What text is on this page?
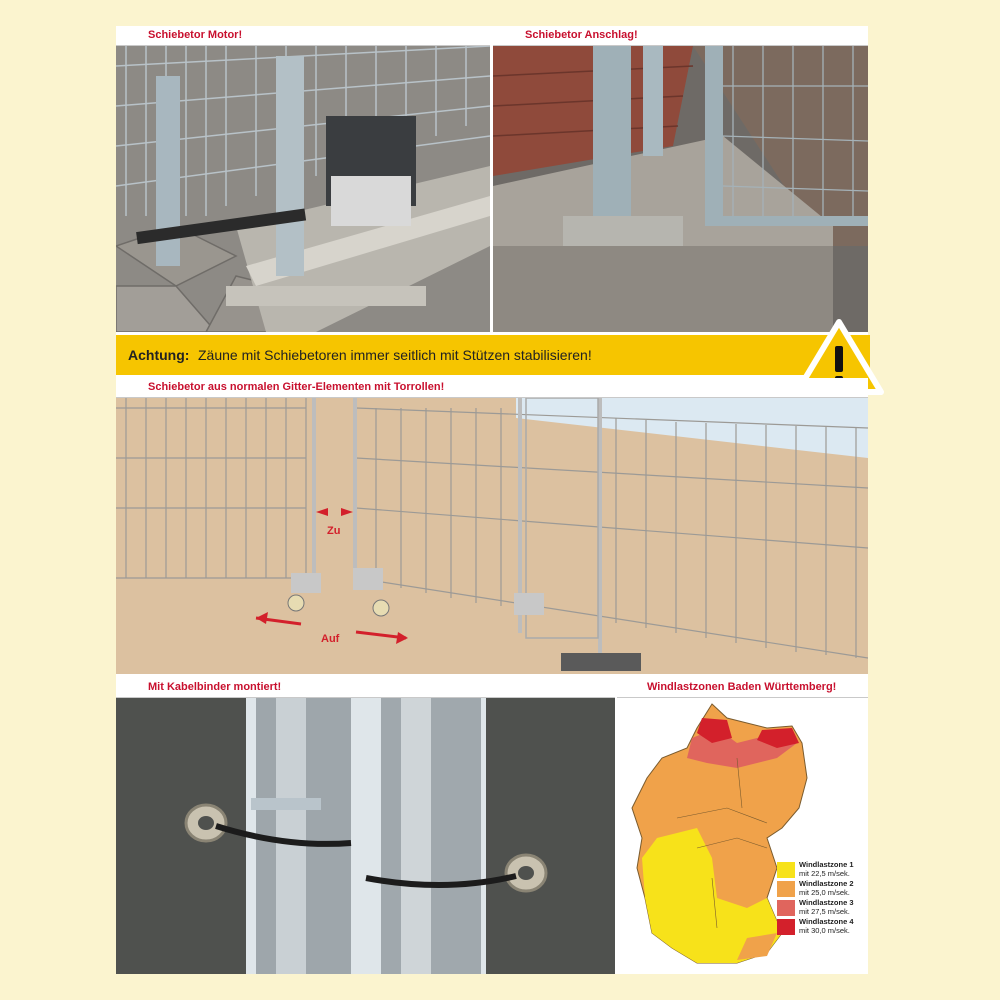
Schiebetor Motor!	Schiebetor Anschlag!
Achtung: Zäune mit Schiebetoren immer seitlich mit Stützen stabilisieren!
Schiebetor aus normalen Gitter-Elementen mit Torrollen!
Zu
Auf
Mit Kabelbinder montiert!	Windlastzonen Baden Württemberg!
Windlastzone 1
mit 22,5 m/sek.
Windlastzone 2
mit 25,0 m/sek.
Windlastzone 3
mit 27,5 m/sek.
Windlastzone 4
mit 30,0 m/sek.
